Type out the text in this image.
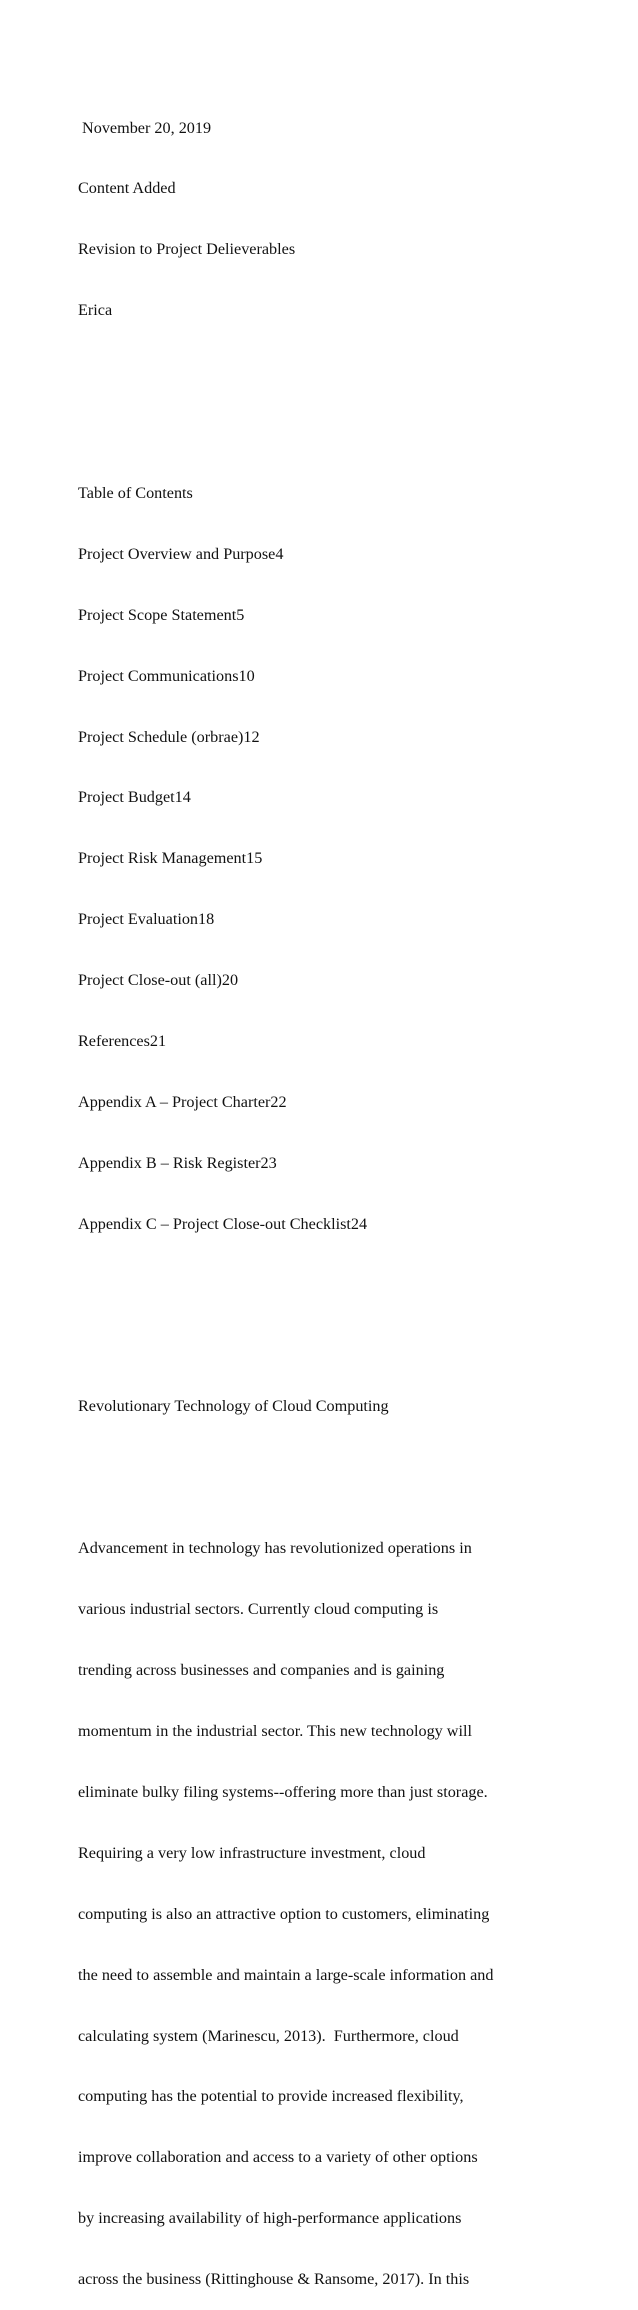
November 20, 2019

Content Added

Revision to Project Delieverables

Erica

Table of Contents

Project Overview and Purpose4

Project Scope Statement5

Project Communications10

Project Schedule (orbrae)12

Project Budget14

Project Risk Management15

Project Evaluation18

Project Close-out (all)20

References21

Appendix A – Project Charter22

Appendix B – Risk Register23

Appendix C – Project Close-out Checklist24

Revolutionary Technology of Cloud Computing

Advancement in technology has revolutionized operations in

various industrial sectors. Currently cloud computing is

trending across businesses and companies and is gaining

momentum in the industrial sector. This new technology will

eliminate bulky filing systems--offering more than just storage.

Requiring a very low infrastructure investment, cloud

computing is also an attractive option to customers, eliminating

the need to assemble and maintain a large-scale information and

calculating system (Marinescu, 2013).  Furthermore, cloud

computing has the potential to provide increased flexibility,

improve collaboration and access to a variety of other options

by increasing availability of high-performance applications

across the business (Rittinghouse & Ransome, 2017). In this
